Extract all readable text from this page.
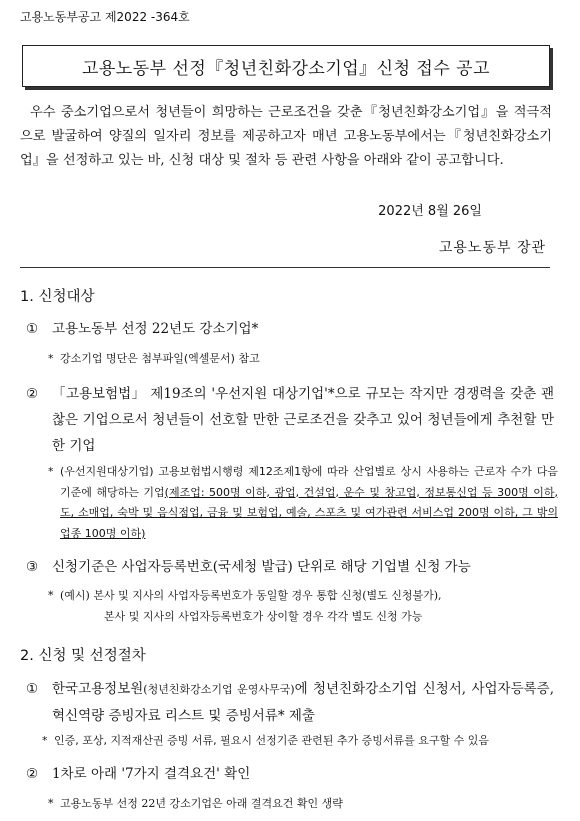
고용노동부공고 제2022 -364호
고용노동부 선정『청년친화강소기업』신청 접수 공고

우수 중소기업으로서 청년들이 희망하는 근로조건을 갖춘『청년친화강소기업』을 적극적으로 발굴하여 양질의 일자리 정보를 제공하고자 매년 고용노동부에서는『청년친화강소기업』을 선정하고 있는 바, 신청 대상 및 절차 등 관련 사항을 아래와 같이 공고합니다.

2022년 8월 26일
고용노동부 장관
1. 신청대상
①	고용노동부 선정 22년도 강소기업*
* 강소기업 명단은 첨부파일(엑셀문서) 참고
②	「고용보험법」 제19조의 '우선지원 대상기업'*으로 규모는 작지만 경쟁력을 갖춘 괜찮은 기업으로서 청년들이 선호할 만한 근로조건을 갖추고 있어 청년들에게 추천할 만한 기업
* (우선지원대상기업) 고용보험법시행령 제12조제1항에 따라 산업별로 상시 사용하는 근로자 수가 다음 기준에 해당하는 기업(제조업: 500명 이하, 광업, 건설업, 운수 및 창고업, 정보통신업 등 300명 이하, 도, 소매업, 숙박 및 음식점업, 금융 및 보험업, 예술, 스포츠 및 여가관련 서비스업 200명 이하, 그 밖의 업종 100명 이하)
③	신청기준은 사업자등록번호(국세청 발급) 단위로 해당 기업별 신청 가능
* (예시) 본사 및 지사의 사업자등록번호가 동일할 경우 통합 신청(별도 신청불가),
본사 및 지사의 사업자등록번호가 상이할 경우 각각 별도 신청 가능
2. 신청 및 선정절차
①	한국고용정보원(청년친화강소기업 운영사무국)에 청년친화강소기업 신청서, 사업자등록증, 혁신역량 증빙자료 리스트 및 증빙서류* 제출
* 인증, 포상, 지적재산권 증빙 서류, 필요시 선정기준 관련된 추가 증빙서류를 요구할 수 있음
②	1차로 아래 '7가지 결격요건' 확인
* 고용노동부 선정 22년 강소기업은 아래 결격요건 확인 생략
